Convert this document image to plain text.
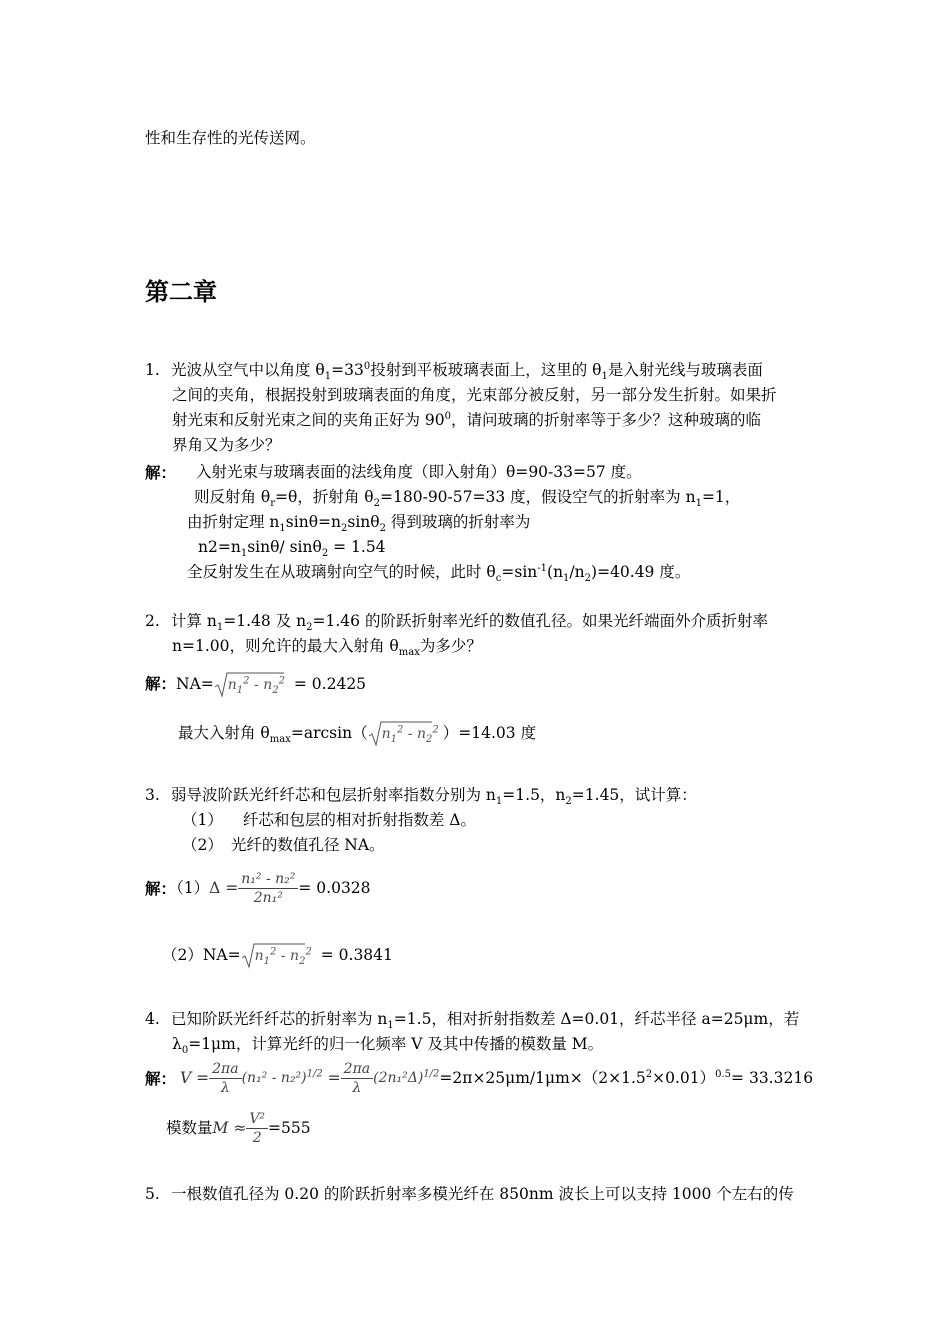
性和生存性的光传送网。
第二章
1. 光波从空气中以角度 $\theta_1=33^0$投射到平板玻璃表面上，这里的 $\theta_1$是入射光线与玻璃表面
之间的夹角，根据投射到玻璃表面的角度，光束部分被反射，另一部分发生折射。如果折
射光束和反射光束之间的夹角正好为 $90^0$，请问玻璃的折射率等于多少？这种玻璃的临
界角又为多少？
解： 入射光束与玻璃表面的法线角度（即入射角）θ=90-33=57 度。
则反射角 $\theta_r=\theta$，折射角 $\theta_2=180-90-57=33$ 度，假设空气的折射率为 $n_1=1$，
由折射定理 $n_1\sin\theta=n_2\sin\theta_2$ 得到玻璃的折射率为
$n2=n_1\sin\theta/$ sinθ$_2$ = 1.54
全反射发生在从玻璃射向空气的时候，此时 $\theta_c=\sin^{-1}(n_1/n_2)=40.49$ 度。
2. 计算 $n_1=1.48$ 及 $n_2=1.46$ 的阶跃折射率光纤的数值孔径。如果光纤端面外介质折射率
n=1.00，则允许的最大入射角 $\theta_{max}$为多少？
解：$NA= n_1^2 - n_2^2 = 0.2425$
最大入射角 $\theta_{max}=\arcsin$（ $n_1^2 - n_2^2$ ）=14.03 度
3. 弱导波阶跃光纤纤芯和包层折射率指数分别为 $n_1=1.5$，$n_2=1.45$，试计算：
（1） 纤芯和包层的相对折射指数差 Δ。
（2） 光纤的数值孔径 NA。
解：$(1)\Delta = \frac{\text{n₁² - n₂²}}{\text{2n₁²}} = 0.0328$
$(2)NA= n_1^2 - n_2^2 = 0.3841$
4. 已知阶跃光纤纤芯的折射率为 $n_1=1.5$，相对折射指数差 Δ=0.01，纤芯半径 a=25μm，若
$\lambda_0=1\mu m$，计算光纤的归一化频率 V 及其中传播的模数量 M。
解： $V = \frac{2\pi a}{\lambda} (n_1^2 - n_2^2)^{1/2} = \frac{2\pi a}{\lambda} (2n_1^2\Delta)^{1/2}=2\pi\times 25\mu m/1\mu m\times(2\times 1.5^2\times 0.01)^{0.5}= 33.3216$
模数量$M \approx \frac{\text{V²}}{2} =555$
5. 一根数值孔径为 0.20 的阶跃折射率多模光纤在 850nm 波长上可以支持 1000 个左右的传
